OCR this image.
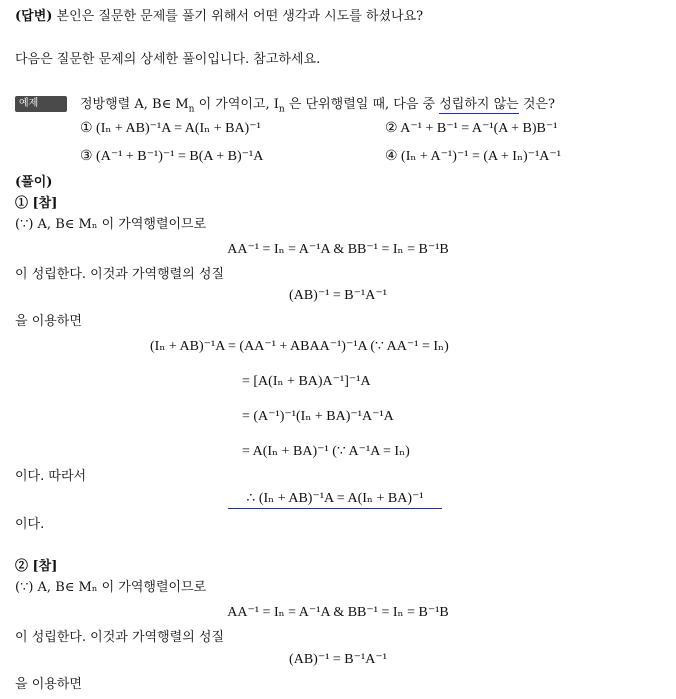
(답변) 본인은 질문한 문제를 풀기 위해서 어떤 생각과 시도를 하셨나요?
다음은 질문한 문제의 상세한 풀이입니다. 참고하세요.
예제2.19
정방행렬 A, B∈ $M_n$ 이 가역이고, $I_n$ 은 단위행렬일 때, 다음 중 성립하지 않는 것은?
① (Iₙ + AB)⁻¹A = A(Iₙ + BA)⁻¹	② A⁻¹ + B⁻¹ = A⁻¹(A + B)B⁻¹
③ (A⁻¹ + B⁻¹)⁻¹ = B(A + B)⁻¹A	④ (Iₙ + A⁻¹)⁻¹ = (A + Iₙ)⁻¹A⁻¹
(풀이)
① [참]
(∵) A, B∈ Mₙ 이 가역행렬이므로
AA⁻¹ = Iₙ = A⁻¹A & BB⁻¹ = Iₙ = B⁻¹B
이 성립한다. 이것과 가역행렬의 성질
(AB)⁻¹ = B⁻¹A⁻¹
을 이용하면
(Iₙ + AB)⁻¹A = (AA⁻¹ + ABAA⁻¹)⁻¹A (∵ AA⁻¹ = Iₙ)
= [A(Iₙ + BA)A⁻¹]⁻¹A
= (A⁻¹)⁻¹(Iₙ + BA)⁻¹A⁻¹A
= A(Iₙ + BA)⁻¹ (∵ A⁻¹A = Iₙ)
이다. 따라서
∴ (Iₙ + AB)⁻¹A = A(Iₙ + BA)⁻¹
이다.
② [참]
(∵) A, B∈ Mₙ 이 가역행렬이므로
AA⁻¹ = Iₙ = A⁻¹A & BB⁻¹ = Iₙ = B⁻¹B
이 성립한다. 이것과 가역행렬의 성질
(AB)⁻¹ = B⁻¹A⁻¹
을 이용하면
